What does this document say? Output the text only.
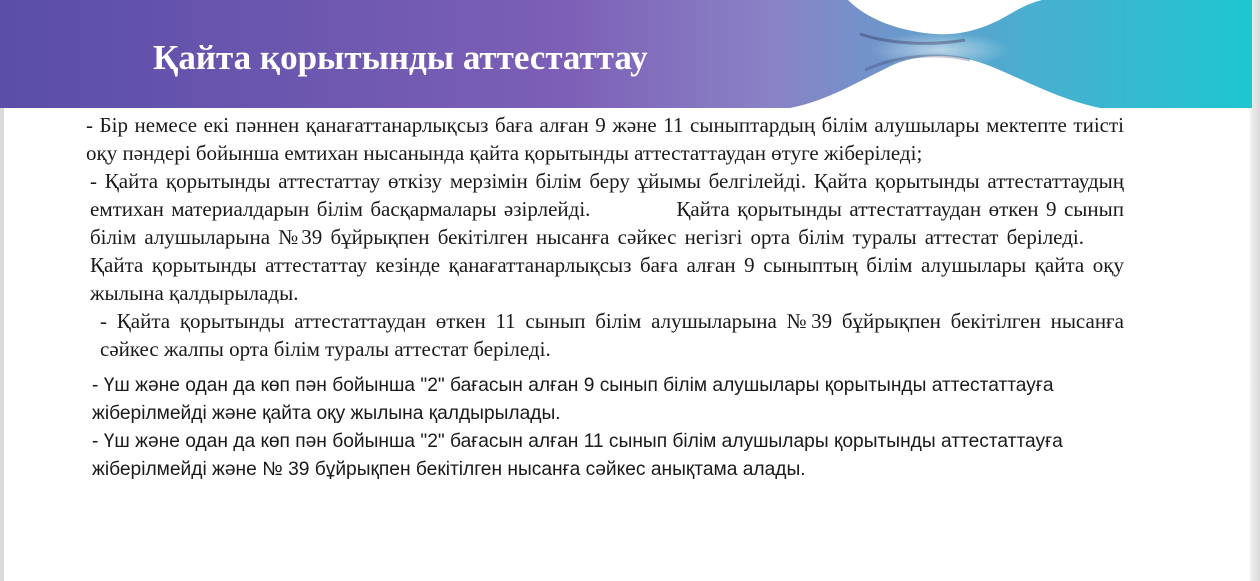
Қайта қорытынды аттестаттау

- Бір немесе екі пәннен қанағаттанарлықсыз баға алған 9 және 11 сыныптардың білім алушылары мектепте тиісті оқу пәндері бойынша емтихан нысанында қайта қорытынды аттестаттаудан өтуге жіберіледі;

- Қайта қорытынды аттестаттау өткізу мерзімін білім беру ұйымы белгілейді. Қайта қорытынды аттестаттаудың емтихан материалдарын білім басқармалары әзірлейді.	Қайта қорытынды аттестаттаудан өткен 9 сынып білім алушыларына №39 бұйрықпен бекітілген нысанға сәйкес негізгі орта білім туралы аттестат беріледі.Қайта қорытынды аттестаттау кезінде қанағаттанарлықсыз баға алған 9 сыныптың білім алушылары қайта оқу жылына қалдырылады.

- Қайта қорытынды аттестаттаудан өткен 11 сынып білім алушыларына №39 бұйрықпен бекітілген нысанға сәйкес жалпы орта білім туралы аттестат беріледі.

- Үш және одан да көп пән бойынша "2" бағасын алған 9 сынып білім алушылары қорытынды аттестаттауға жіберілмейді және қайта оқу жылына қалдырылады.

- Үш және одан да көп пән бойынша "2" бағасын алған 11 сынып білім алушылары қорытынды аттестаттауға жіберілмейді және № 39 бұйрықпен бекітілген нысанға сәйкес анықтама алады.
